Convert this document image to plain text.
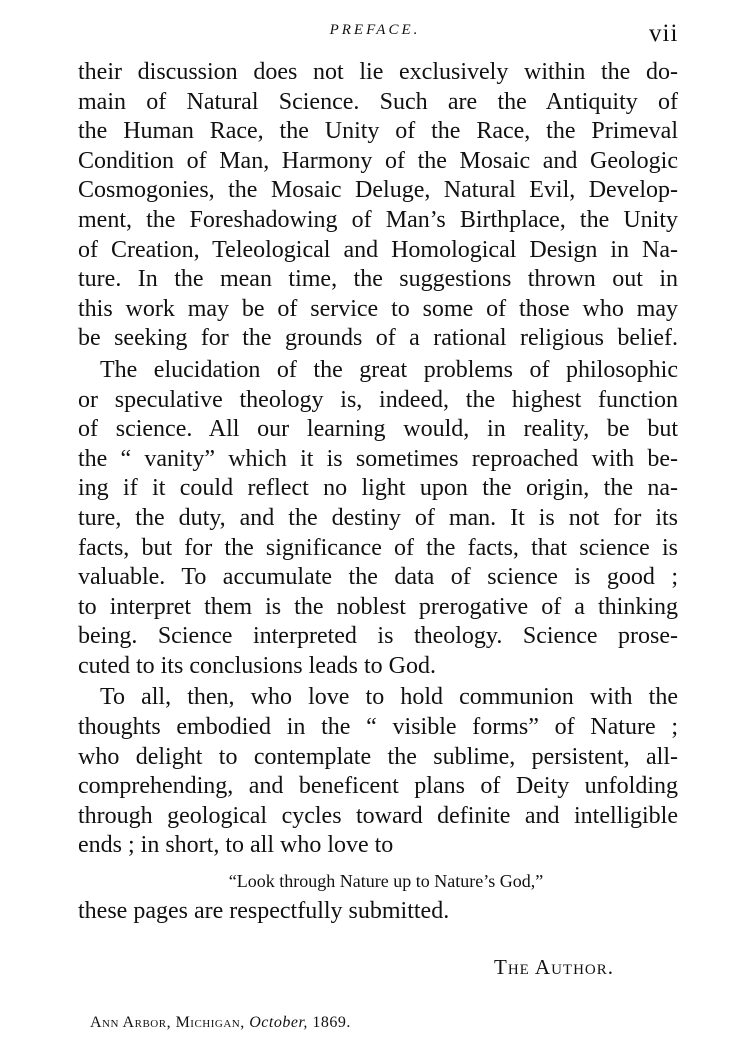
PREFACE.	vii
their discussion does not lie exclusively within the do-
main of Natural Science. Such are the Antiquity of
the Human Race, the Unity of the Race, the Primeval
Condition of Man, Harmony of the Mosaic and Geologic
Cosmogonies, the Mosaic Deluge, Natural Evil, Develop-
ment, the Foreshadowing of Man’s Birthplace, the Unity
of Creation, Teleological and Homological Design in Na-
ture. In the mean time, the suggestions thrown out in
this work may be of service to some of those who may
be seeking for the grounds of a rational religious belief.
The elucidation of the great problems of philosophic
or speculative theology is, indeed, the highest function
of science. All our learning would, in reality, be but
the “ vanity” which it is sometimes reproached with be-
ing if it could reflect no light upon the origin, the na-
ture, the duty, and the destiny of man. It is not for its
facts, but for the significance of the facts, that science is
valuable. To accumulate the data of science is good ;
to interpret them is the noblest prerogative of a thinking
being. Science interpreted is theology. Science prose-
cuted to its conclusions leads to God.
To all, then, who love to hold communion with the
thoughts embodied in the “ visible forms” of Nature ;
who delight to contemplate the sublime, persistent, all-
comprehending, and beneficent plans of Deity unfolding
through geological cycles toward definite and intelligible
ends ; in short, to all who love to
“Look through Nature up to Nature’s God,”
these pages are respectfully submitted.
The Author.
Ann Arbor, Michigan, October, 1869.
